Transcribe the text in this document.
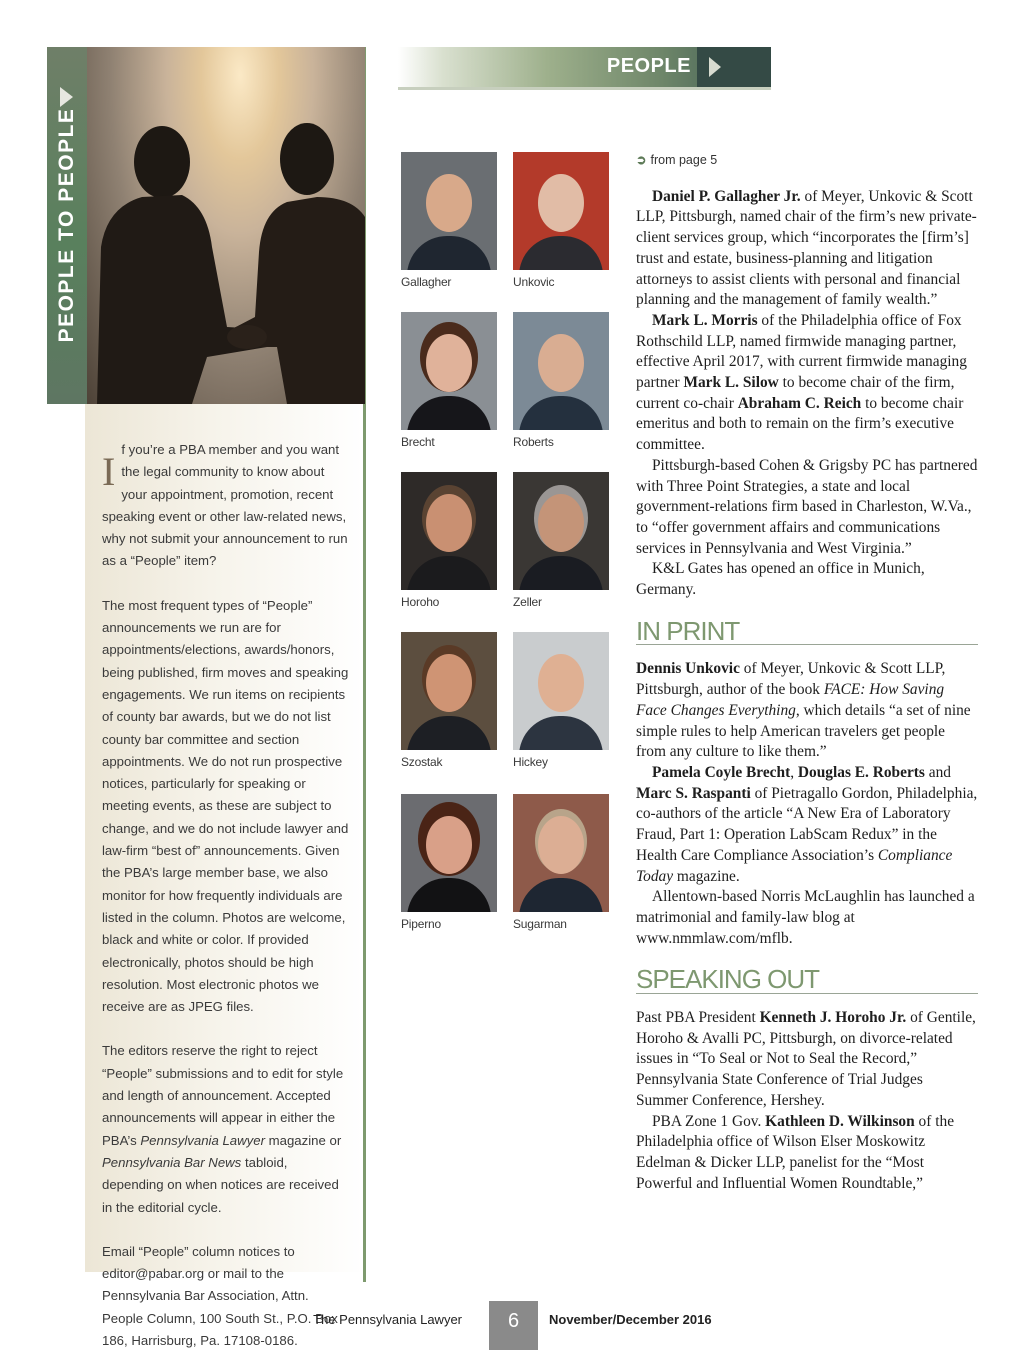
PEOPLE TO PEOPLE

If you’re a PBA member and you want the legal community to know about your appointment, promotion, recent speaking event or other law-related news, why not submit your announcement to run as a “People” item?

The most frequent types of “People” announcements we run are for appointments/elections, awards/honors, being published, firm moves and speaking engagements. We run items on recipients of county bar awards, but we do not list county bar committee and section appointments. We do not run prospective notices, particularly for speaking or meeting events, as these are subject to change, and we do not include lawyer and law-firm “best of” announcements. Given the PBA’s large member base, we also monitor for how frequently individuals are listed in the column. Photos are welcome, black and white or color. If provided electronically, photos should be high resolution. Most electronic photos we receive are as JPEG files.

The editors reserve the right to reject “People” submissions and to edit for style and length of announcement. Accepted announcements will appear in either the PBA’s Pennsylvania Lawyer magazine or Pennsylvania Bar News tabloid, depending on when notices are received in the editorial cycle.

Email “People” column notices to editor@pabar.org or mail to the Pennsylvania Bar Association, Attn. People Column, 100 South St., P.O. Box 186, Harrisburg, Pa. 17108-0186.

PEOPLE
Gallagher	Unkovic
Brecht	Roberts
Horoho	Zeller
Szostak	Hickey
Piperno	Sugarman
➲ from page 5

Daniel P. Gallagher Jr. of Meyer, Unkovic & Scott LLP, Pittsburgh, named chair of the firm’s new private-client services group, which “incorporates the [firm’s] trust and estate, business-planning and litigation attorneys to assist clients with personal and financial planning and the management of family wealth.”

Mark L. Morris of the Philadelphia office of Fox Rothschild LLP, named firmwide managing partner, effective April 2017, with current firmwide managing partner Mark L. Silow to become chair of the firm, current co-chair Abraham C. Reich to become chair emeritus and both to remain on the firm’s executive committee.

Pittsburgh-based Cohen & Grigsby PC has partnered with Three Point Strategies, a state and local government-relations firm based in Charleston, W.Va., to “offer government affairs and communications services in Pennsylvania and West Virginia.”

K&L Gates has opened an office in Munich, Germany.

IN PRINT

Dennis Unkovic of Meyer, Unkovic & Scott LLP, Pittsburgh, author of the book FACE: How Saving Face Changes Everything, which details “a set of nine simple rules to help American travelers get people from any culture to like them.”

Pamela Coyle Brecht, Douglas E. Roberts and Marc S. Raspanti of Pietragallo Gordon, Philadelphia, co-authors of the article “A New Era of Laboratory Fraud, Part 1: Operation LabScam Redux” in the Health Care Compliance Association’s Compliance Today magazine.

Allentown-based Norris McLaughlin has launched a matrimonial and family-law blog at www.nmmlaw.com/mflb.

SPEAKING OUT

Past PBA President Kenneth J. Horoho Jr. of Gentile, Horoho & Avalli PC, Pittsburgh, on divorce-related issues in “To Seal or Not to Seal the Record,” Pennsylvania State Conference of Trial Judges Summer Conference, Hershey.

PBA Zone 1 Gov. Kathleen D. Wilkinson of the Philadelphia office of Wilson Elser Moskowitz Edelman & Dicker LLP, panelist for the “Most Powerful and Influential Women Roundtable,”

The Pennsylvania Lawyer	6	November/December 2016
